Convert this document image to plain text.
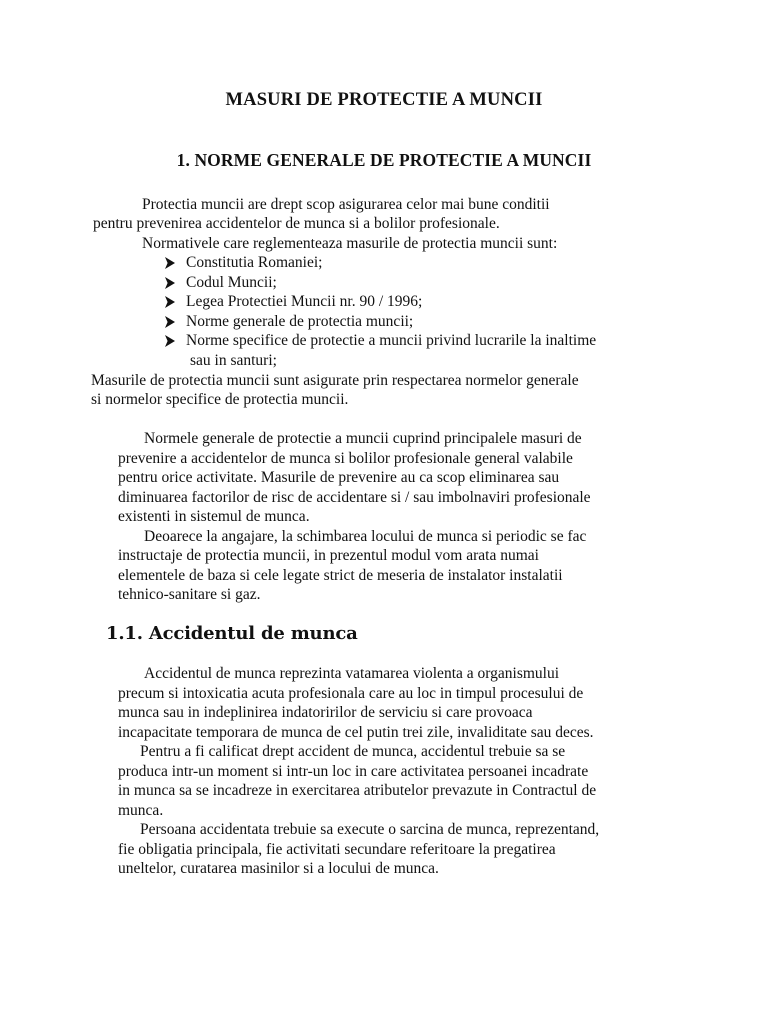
MASURI DE PROTECTIE A MUNCII
1. NORME GENERALE DE PROTECTIE A MUNCII
Protectia muncii are drept scop asigurarea celor mai bune conditii
pentru prevenirea accidentelor de munca si a bolilor profesionale.
Normativele care reglementeaza masurile de protectia muncii sunt:
Constitutia Romaniei;
Codul Muncii;
Legea Protectiei Muncii nr. 90 / 1996;
Norme generale de protectia muncii;
Norme specifice de protectie a muncii privind lucrarile la inaltime
sau in santuri;
Masurile de protectia muncii sunt asigurate prin respectarea normelor generale
si normelor specifice de protectia muncii.
Normele generale de protectie a muncii cuprind principalele masuri de
prevenire a accidentelor de munca si bolilor profesionale general valabile
pentru orice activitate. Masurile de prevenire au ca scop eliminarea sau
diminuarea factorilor de risc de accidentare si / sau imbolnaviri profesionale
existenti in sistemul de munca.
Deoarece la angajare, la schimbarea locului de munca si periodic se fac
instructaje de protectia muncii, in prezentul modul vom arata numai
elementele de baza si cele legate strict de meseria de instalator instalatii
tehnico-sanitare si gaz.
1.1. Accidentul de munca
Accidentul de munca reprezinta vatamarea violenta a organismului
precum si intoxicatia acuta profesionala care au loc in timpul procesului de
munca sau in indeplinirea indatoririlor de serviciu si care provoaca
incapacitate temporara de munca de cel putin trei zile, invaliditate sau deces.
Pentru a fi calificat drept accident de munca, accidentul trebuie sa se
produca intr-un moment si intr-un loc in care activitatea persoanei incadrate
in munca sa se incadreze in exercitarea atributelor prevazute in Contractul de
munca.
Persoana accidentata trebuie sa execute o sarcina de munca, reprezentand,
fie obligatia principala, fie activitati secundare referitoare la pregatirea
uneltelor, curatarea masinilor si a locului de munca.
